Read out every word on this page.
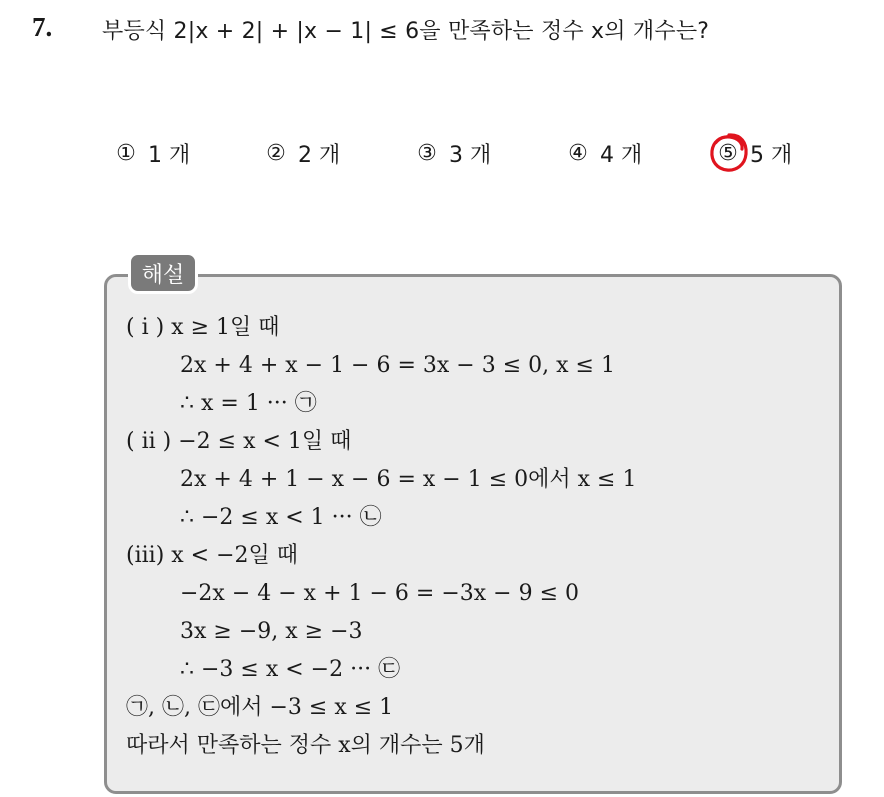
7. 부등식 2|x + 2| + |x − 1| ≤ 6을 만족하는 정수 x의 개수는?
① 1 개	② 2 개	③ 3 개	④ 4 개	⑤ 5 개
해설
( i ) x ≥ 1일 때
2x + 4 + x − 1 − 6 = 3x − 3 ≤ 0, x ≤ 1
∴ x = 1 ··· ㉠
( ii ) −2 ≤ x < 1일 때
2x + 4 + 1 − x − 6 = x − 1 ≤ 0에서 x ≤ 1
∴ −2 ≤ x < 1 ··· ㉡
(iii) x < −2일 때
−2x − 4 − x + 1 − 6 = −3x − 9 ≤ 0
3x ≥ −9, x ≥ −3
∴ −3 ≤ x < −2 ··· ㉢
㉠, ㉡, ㉢에서 −3 ≤ x ≤ 1
따라서 만족하는 정수 x의 개수는 5개
